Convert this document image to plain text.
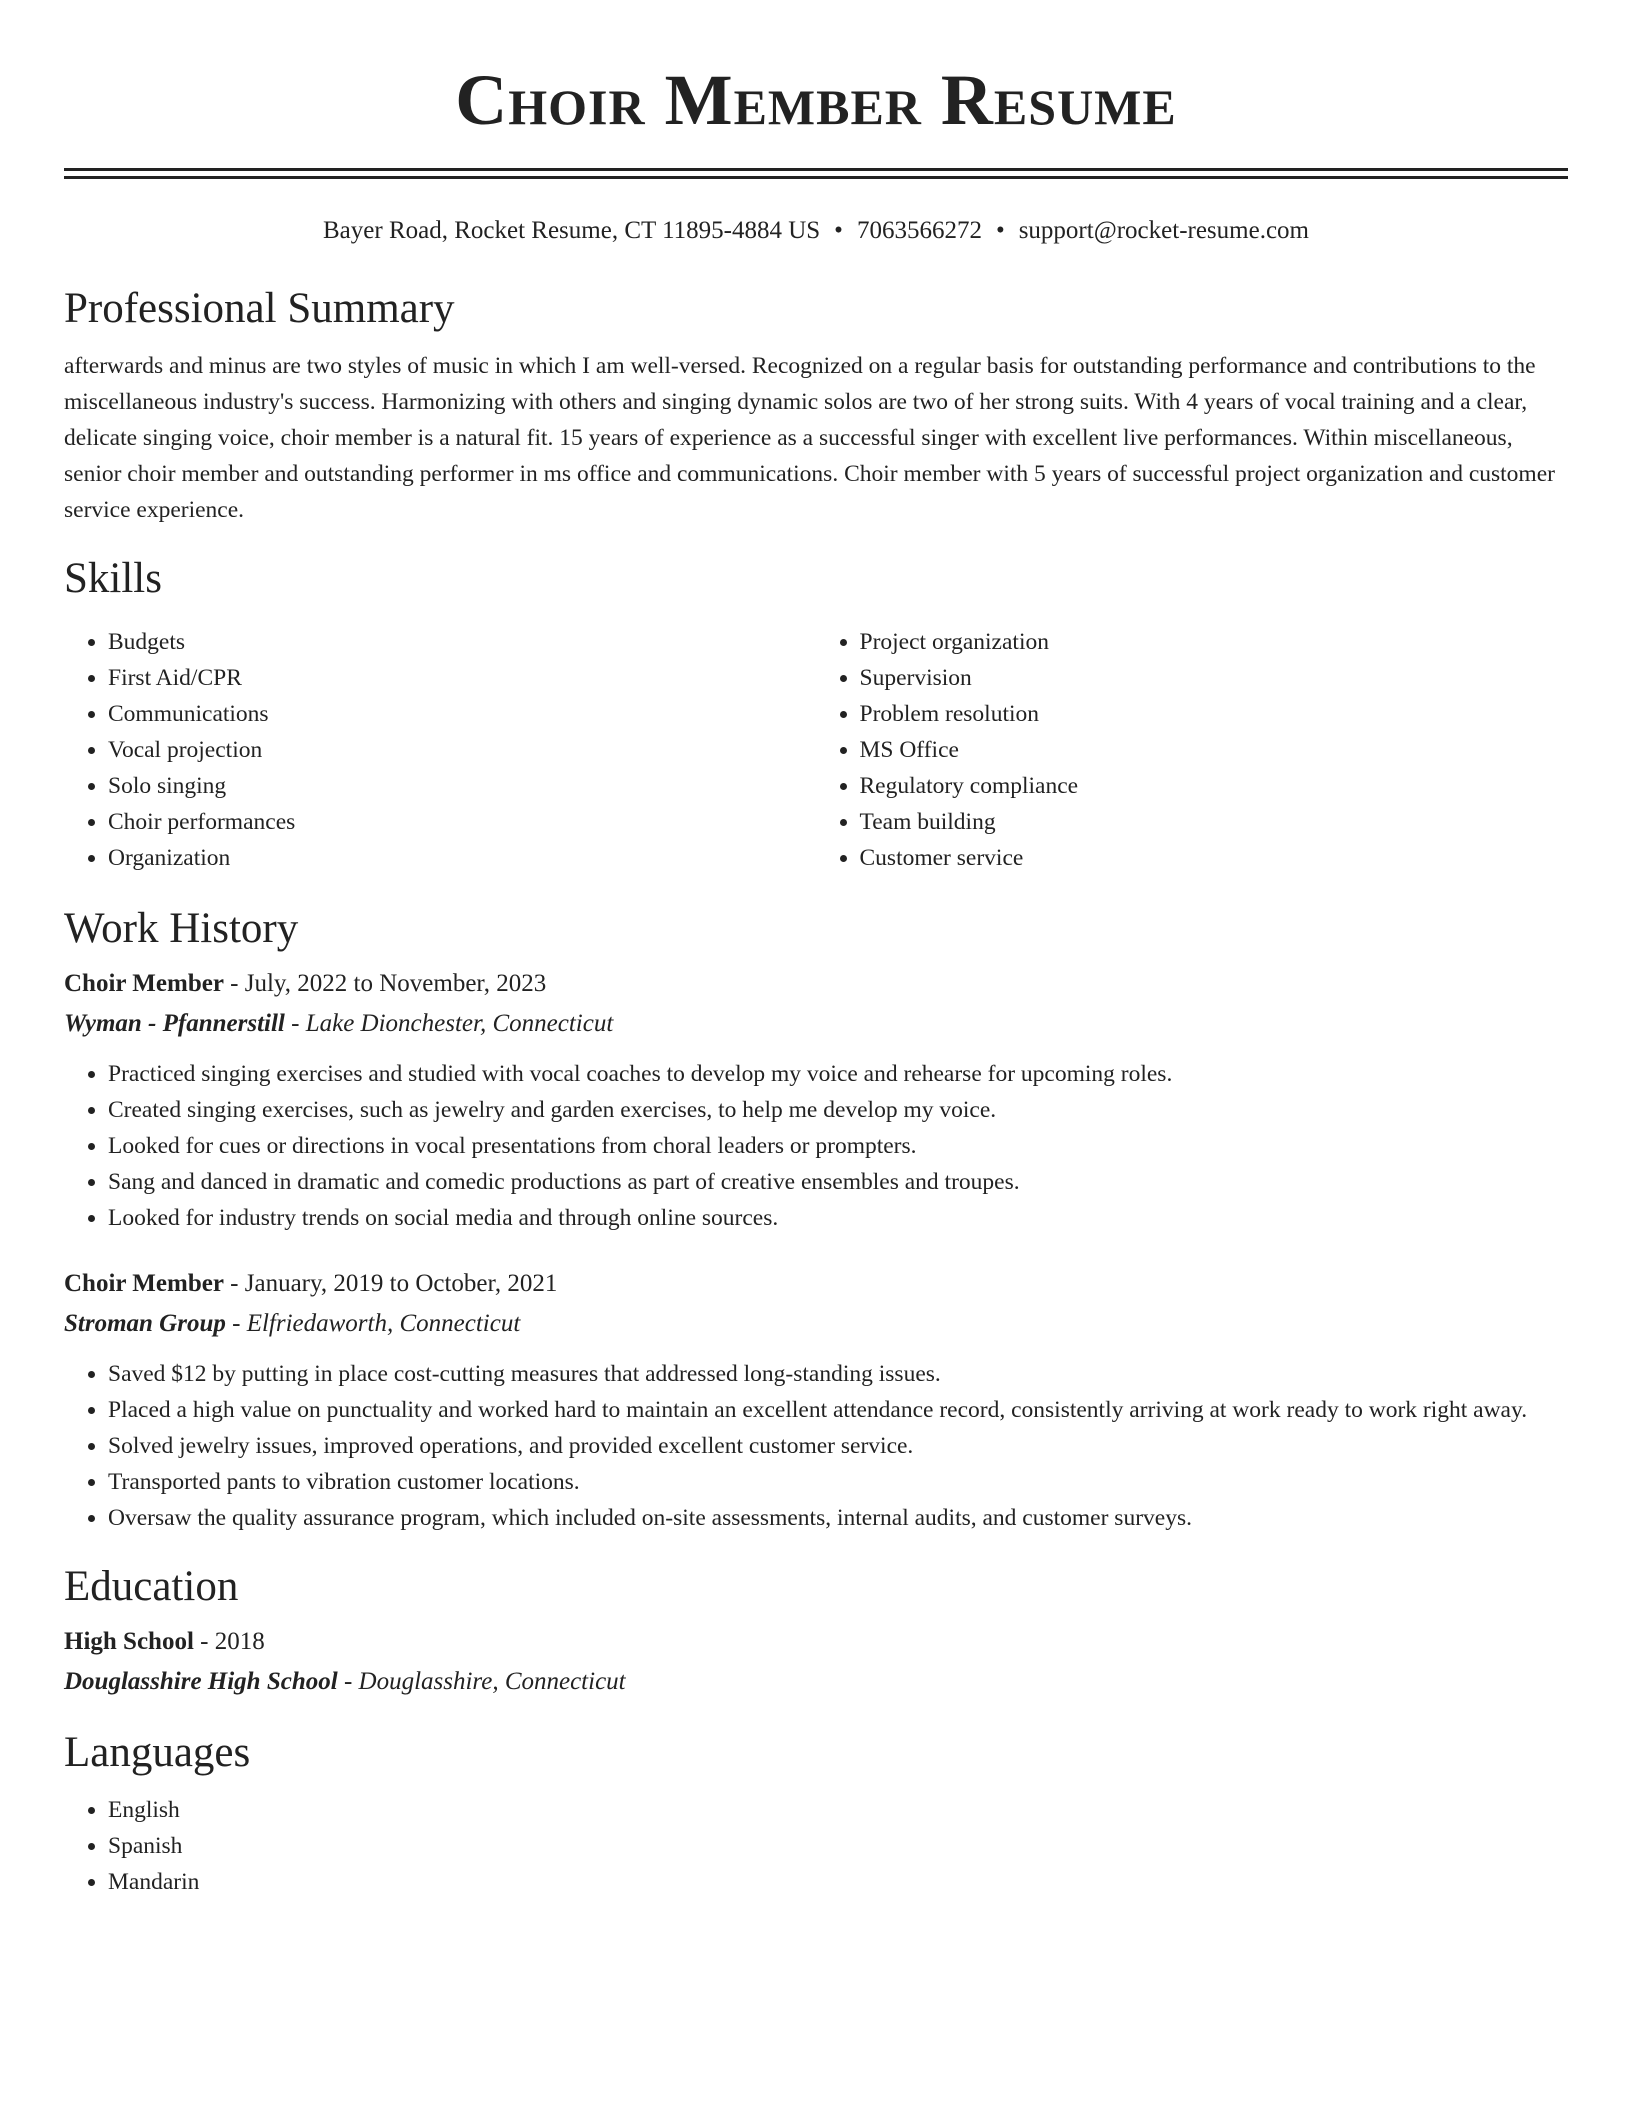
Choir Member Resume
Bayer Road, Rocket Resume, CT 11895-4884 US • 7063566272 • support@rocket-resume.com
Professional Summary

afterwards and minus are two styles of music in which I am well-versed. Recognized on a regular basis for outstanding performance and contributions to the miscellaneous industry's success. Harmonizing with others and singing dynamic solos are two of her strong suits. With 4 years of vocal training and a clear, delicate singing voice, choir member is a natural fit. 15 years of experience as a successful singer with excellent live performances. Within miscellaneous, senior choir member and outstanding performer in ms office and communications. Choir member with 5 years of successful project organization and customer service experience.

Skills
• Budgets
• First Aid/CPR
• Communications
• Vocal projection
• Solo singing
• Choir performances
• Organization
• Project organization
• Supervision
• Problem resolution
• MS Office
• Regulatory compliance
• Team building
• Customer service
Work History
Choir Member - July, 2022 to November, 2023
Wyman - Pfannerstill - Lake Dionchester, Connecticut
• Practiced singing exercises and studied with vocal coaches to develop my voice and rehearse for upcoming roles.
• Created singing exercises, such as jewelry and garden exercises, to help me develop my voice.
• Looked for cues or directions in vocal presentations from choral leaders or prompters.
• Sang and danced in dramatic and comedic productions as part of creative ensembles and troupes.
• Looked for industry trends on social media and through online sources.
Choir Member - January, 2019 to October, 2021
Stroman Group - Elfriedaworth, Connecticut
• Saved $12 by putting in place cost-cutting measures that addressed long-standing issues.
• Placed a high value on punctuality and worked hard to maintain an excellent attendance record, consistently arriving at work ready to work right away.
• Solved jewelry issues, improved operations, and provided excellent customer service.
• Transported pants to vibration customer locations.
• Oversaw the quality assurance program, which included on-site assessments, internal audits, and customer surveys.
Education
High School - 2018
Douglasshire High School - Douglasshire, Connecticut
Languages
• English
• Spanish
• Mandarin
